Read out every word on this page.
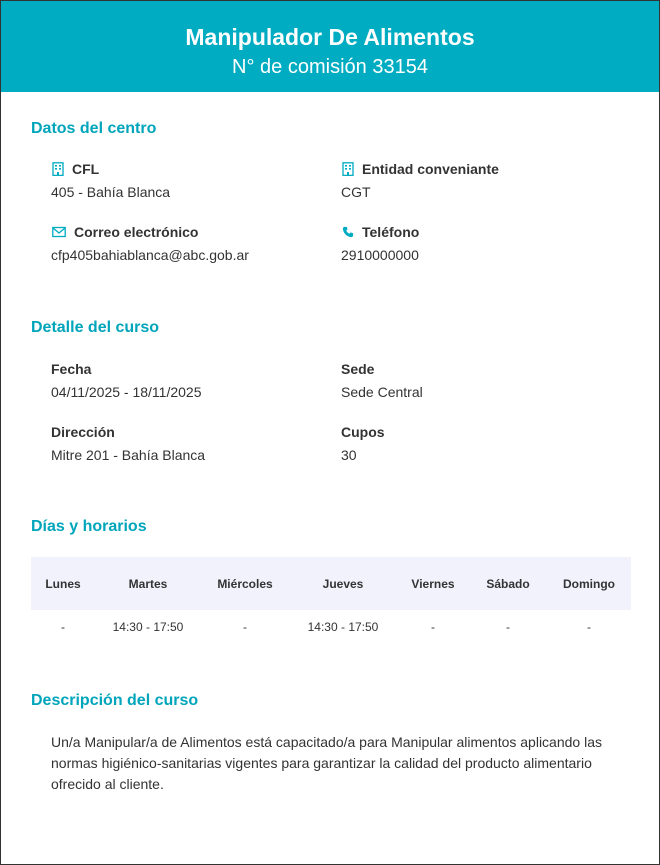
Manipulador De Alimentos
N° de comisión 33154
Datos del centro
CFL
405 - Bahía Blanca
Entidad conveniante
CGT
Correo electrónico
cfp405bahiablanca@abc.gob.ar
Teléfono
2910000000
Detalle del curso
Fecha
04/11/2025 - 18/11/2025
Sede
Sede Central
Dirección
Mitre 201 - Bahía Blanca
Cupos
30
Días y horarios
Lunes	Martes	Miércoles	Jueves	Viernes	Sábado	Domingo
-	14:30 - 17:50	-	14:30 - 17:50	-	-	-
Descripción del curso
Un/a Manipular/a de Alimentos está capacitado/a para Manipular alimentos aplicando las normas higiénico-sanitarias vigentes para garantizar la calidad del producto alimentario ofrecido al cliente.
